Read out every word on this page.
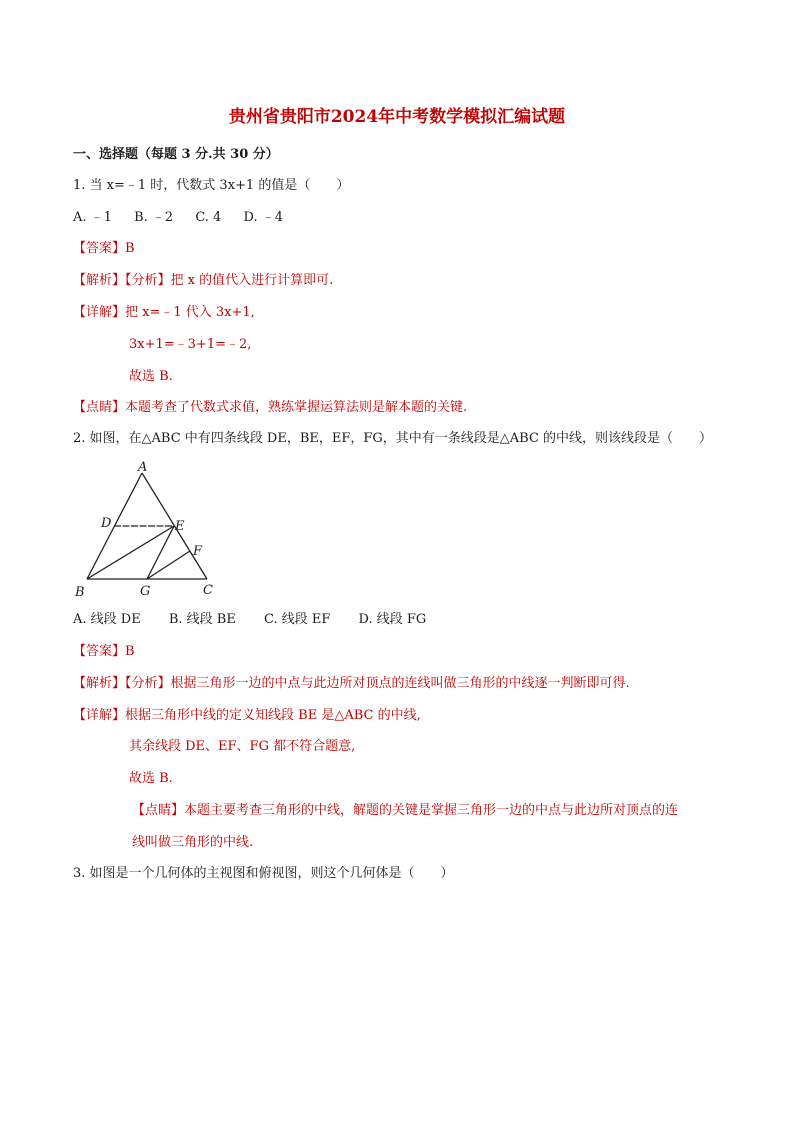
贵州省贵阳市2024年中考数学模拟汇编试题
一、选择题（每题 3 分.共 30 分）
1. 当 x=﹣1 时，代数式 3x+1 的值是（　　）
A. ﹣1 B. ﹣2 C. 4 D. ﹣4
【答案】B
【解析】【分析】把 x 的值代入进行计算即可.
【详解】把 x=﹣1 代入 3x+1,
3x+1=﹣3+1=﹣2,
故选 B.
【点睛】本题考查了代数式求值，熟练掌握运算法则是解本题的关键.
2. 如图，在△ABC 中有四条线段 DE，BE，EF，FG，其中有一条线段是△ABC 的中线，则该线段是（　　）
A
D	E
F
B	G	C
A. 线段 DE B. 线段 BE C. 线段 EF D. 线段 FG
【答案】B
【解析】【分析】根据三角形一边的中点与此边所对顶点的连线叫做三角形的中线逐一判断即可得.
【详解】根据三角形中线的定义知线段 BE 是△ABC 的中线,
其余线段 DE、EF、FG 都不符合题意,
故选 B.
【点睛】本题主要考查三角形的中线，解题的关键是掌握三角形一边的中点与此边所对顶点的连
线叫做三角形的中线.
3. 如图是一个几何体的主视图和俯视图，则这个几何体是（　　）
